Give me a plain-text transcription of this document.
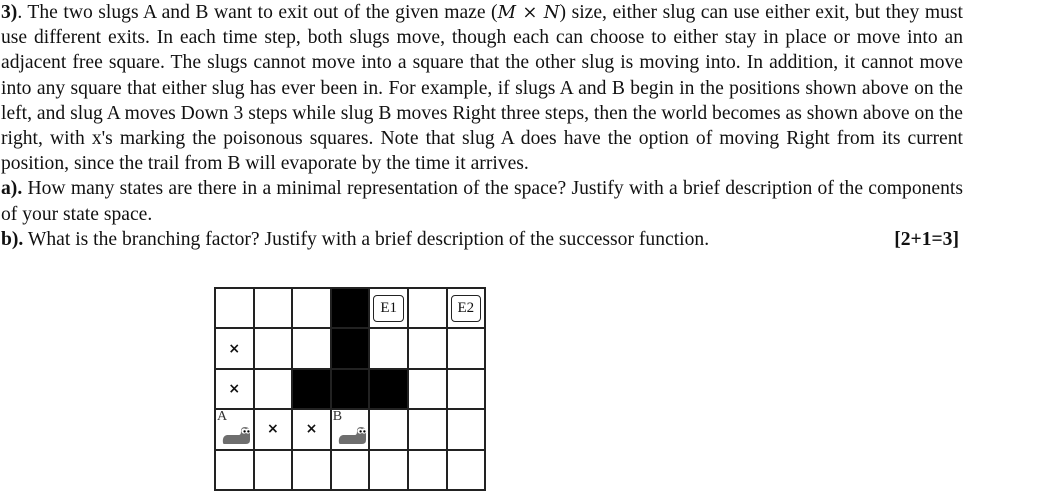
3). The two slugs A and B want to exit out of the given maze (M × N) size, either slug can use either exit, but they must use different exits. In each time step, both slugs move, though each can choose to either stay in place or move into an adjacent free square. The slugs cannot move into a square that the other slug is moving into. In addition, it cannot move into any square that either slug has ever been in. For example, if slugs A and B begin in the positions shown above on the left, and slug A moves Down 3 steps while slug B moves Right three steps, then the world becomes as shown above on the right, with x's marking the poisonous squares. Note that slug A does have the option of moving Right from its current position, since the trail from B will evaporate by the time it arrives.

a). How many states are there in a minimal representation of the space? Justify with a brief description of the components of your state space.

b). What is the branching factor? Justify with a brief description of the successor function.	[2+1=3]

E1	E2
×
×
A
× ×
B
